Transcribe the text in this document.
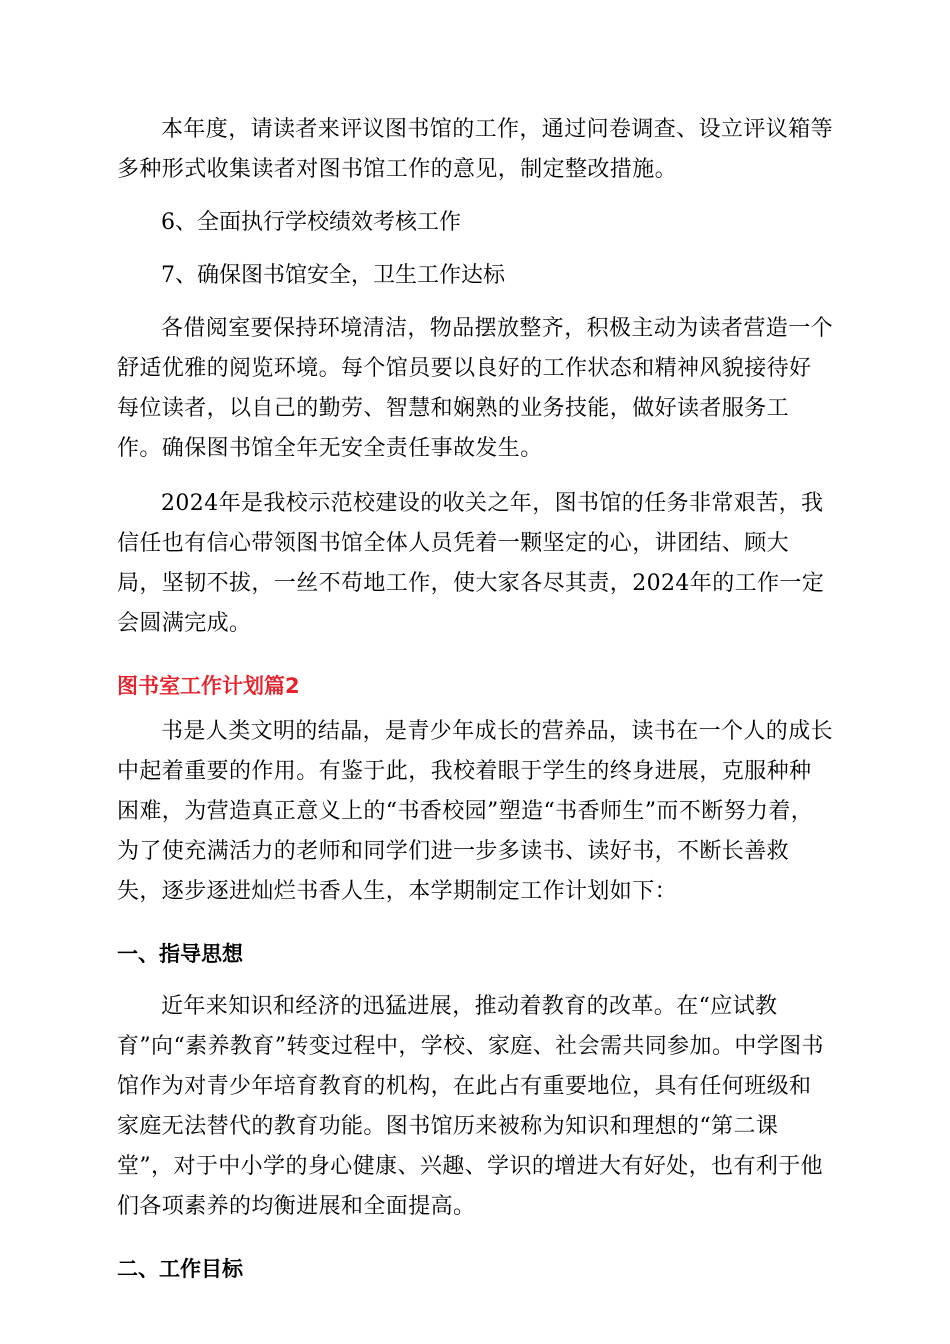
本年度，请读者来评议图书馆的工作，通过问卷调查、设立评议箱等多种形式收集读者对图书馆工作的意见，制定整改措施。

6、全面执行学校绩效考核工作

7、确保图书馆安全，卫生工作达标

各借阅室要保持环境清洁，物品摆放整齐，积极主动为读者营造一个舒适优雅的阅览环境。每个馆员要以良好的工作状态和精神风貌接待好每位读者，以自己的勤劳、智慧和娴熟的业务技能，做好读者服务工作。确保图书馆全年无安全责任事故发生。

2024年是我校示范校建设的收关之年，图书馆的任务非常艰苦，我信任也有信心带领图书馆全体人员凭着一颗坚定的心，讲团结、顾大局，坚韧不拔，一丝不苟地工作，使大家各尽其责，2024年的工作一定会圆满完成。

图书室工作计划篇2

书是人类文明的结晶，是青少年成长的营养品，读书在一个人的成长中起着重要的作用。有鉴于此，我校着眼于学生的终身进展，克服种种困难，为营造真正意义上的“书香校园”塑造“书香师生”而不断努力着，为了使充满活力的老师和同学们进一步多读书、读好书，不断长善救失，逐步逐进灿烂书香人生，本学期制定工作计划如下：

一、指导思想

近年来知识和经济的迅猛进展，推动着教育的改革。在“应试教育”向“素养教育”转变过程中，学校、家庭、社会需共同参加。中学图书馆作为对青少年培育教育的机构，在此占有重要地位，具有任何班级和家庭无法替代的教育功能。图书馆历来被称为知识和理想的“第二课堂”，对于中小学的身心健康、兴趣、学识的增进大有好处，也有利于他们各项素养的均衡进展和全面提高。

二、工作目标
